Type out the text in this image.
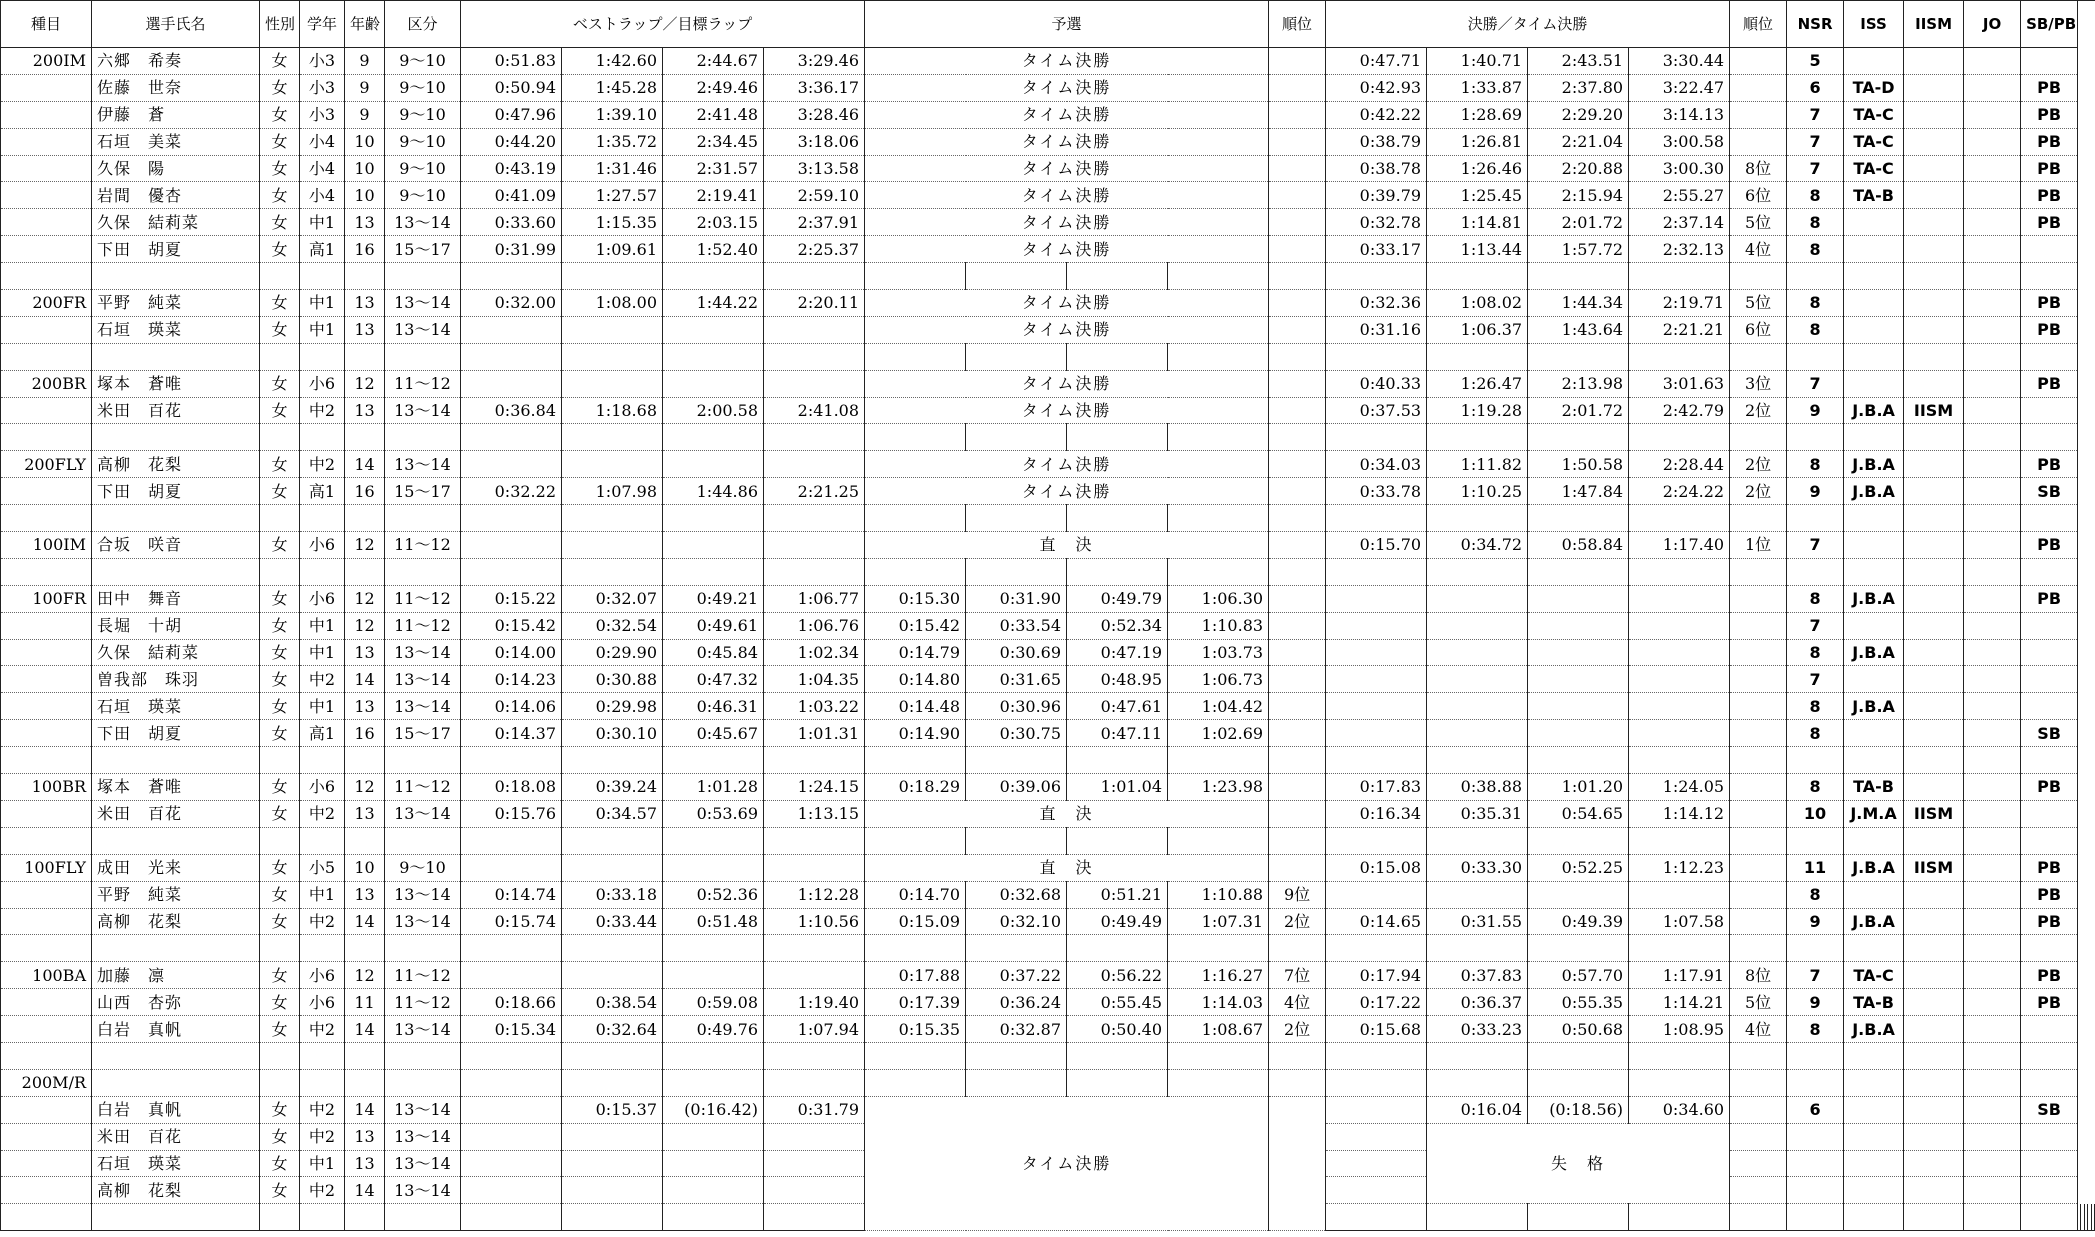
種目	選手氏名	性別	学年	年齢	区分	ベストラップ／目標ラップ				予選				順位	決勝／タイム決勝				順位	NSR	ISS	IISM	JO	SB/PB					
200IM	六郷　希奏	女	小3	9	9～10	0:51.83	1:42.60	2:44.67	3:29.46	タイム決勝					0:47.71	1:40.71	2:43.51	3:30.44		5									
	佐藤　世奈	女	小3	9	9～10	0:50.94	1:45.28	2:49.46	3:36.17	タイム決勝					0:42.93	1:33.87	2:37.80	3:22.47		6	TA-D			PB					
	伊藤　蒼	女	小3	9	9～10	0:47.96	1:39.10	2:41.48	3:28.46	タイム決勝					0:42.22	1:28.69	2:29.20	3:14.13		7	TA-C			PB					
	石垣　美菜	女	小4	10	9～10	0:44.20	1:35.72	2:34.45	3:18.06	タイム決勝					0:38.79	1:26.81	2:21.04	3:00.58		7	TA-C			PB					
	久保　陽	女	小4	10	9～10	0:43.19	1:31.46	2:31.57	3:13.58	タイム決勝					0:38.78	1:26.46	2:20.88	3:00.30	8位	7	TA-C			PB					
	岩間　優杏	女	小4	10	9～10	0:41.09	1:27.57	2:19.41	2:59.10	タイム決勝					0:39.79	1:25.45	2:15.94	2:55.27	6位	8	TA-B			PB					
	久保　結莉菜	女	中1	13	13～14	0:33.60	1:15.35	2:03.15	2:37.91	タイム決勝					0:32.78	1:14.81	2:01.72	2:37.14	5位	8				PB					
	下田　胡夏	女	高1	16	15～17	0:31.99	1:09.61	1:52.40	2:25.37	タイム決勝					0:33.17	1:13.44	1:57.72	2:32.13	4位	8									

200FR	平野　純菜	女	中1	13	13～14	0:32.00	1:08.00	1:44.22	2:20.11	タイム決勝					0:32.36	1:08.02	1:44.34	2:19.71	5位	8				PB					
	石垣　瑛菜	女	中1	13	13～14					タイム決勝					0:31.16	1:06.37	1:43.64	2:21.21	6位	8				PB					

200BR	塚本　蒼唯	女	小6	12	11～12					タイム決勝					0:40.33	1:26.47	2:13.98	3:01.63	3位	7				PB					
	米田　百花	女	中2	13	13～14	0:36.84	1:18.68	2:00.58	2:41.08	タイム決勝					0:37.53	1:19.28	2:01.72	2:42.79	2位	9	J.B.A	IISM							

200FLY	高柳　花梨	女	中2	14	13～14					タイム決勝					0:34.03	1:11.82	1:50.58	2:28.44	2位	8	J.B.A			PB					
	下田　胡夏	女	高1	16	15～17	0:32.22	1:07.98	1:44.86	2:21.25	タイム決勝					0:33.78	1:10.25	1:47.84	2:24.22	2位	9	J.B.A			SB					

100IM	合坂　咲音	女	小6	12	11～12					直　決					0:15.70	0:34.72	0:58.84	1:17.40	1位	7				PB					

100FR	田中　舞音	女	小6	12	11～12	0:15.22	0:32.07	0:49.21	1:06.77	0:15.30	0:31.90	0:49.79	1:06.30							8	J.B.A			PB					
	長堀　十胡	女	中1	12	11～12	0:15.42	0:32.54	0:49.61	1:06.76	0:15.42	0:33.54	0:52.34	1:10.83							7									
	久保　結莉菜	女	中1	13	13～14	0:14.00	0:29.90	0:45.84	1:02.34	0:14.79	0:30.69	0:47.19	1:03.73							8	J.B.A								
	曽我部　珠羽	女	中2	14	13～14	0:14.23	0:30.88	0:47.32	1:04.35	0:14.80	0:31.65	0:48.95	1:06.73							7									
	石垣　瑛菜	女	中1	13	13～14	0:14.06	0:29.98	0:46.31	1:03.22	0:14.48	0:30.96	0:47.61	1:04.42							8	J.B.A								
	下田　胡夏	女	高1	16	15～17	0:14.37	0:30.10	0:45.67	1:01.31	0:14.90	0:30.75	0:47.11	1:02.69							8				SB					

100BR	塚本　蒼唯	女	小6	12	11～12	0:18.08	0:39.24	1:01.28	1:24.15	0:18.29	0:39.06	1:01.04	1:23.98		0:17.83	0:38.88	1:01.20	1:24.05		8	TA-B			PB					
	米田　百花	女	中2	13	13～14	0:15.76	0:34.57	0:53.69	1:13.15	直　決					0:16.34	0:35.31	0:54.65	1:14.12		10	J.M.A	IISM							

100FLY	成田　光来	女	小5	10	9～10					直　決					0:15.08	0:33.30	0:52.25	1:12.23		11	J.B.A	IISM		PB					
	平野　純菜	女	中1	13	13～14	0:14.74	0:33.18	0:52.36	1:12.28	0:14.70	0:32.68	0:51.21	1:10.88	9位						8				PB					
	高柳　花梨	女	中2	14	13～14	0:15.74	0:33.44	0:51.48	1:10.56	0:15.09	0:32.10	0:49.49	1:07.31	2位	0:14.65	0:31.55	0:49.39	1:07.58		9	J.B.A			PB					

100BA	加藤　凛	女	小6	12	11～12					0:17.88	0:37.22	0:56.22	1:16.27	7位	0:17.94	0:37.83	0:57.70	1:17.91	8位	7	TA-C			PB					
	山西　杏弥	女	小6	11	11～12	0:18.66	0:38.54	0:59.08	1:19.40	0:17.39	0:36.24	0:55.45	1:14.03	4位	0:17.22	0:36.37	0:55.35	1:14.21	5位	9	TA-B			PB					
	白岩　真帆	女	中2	14	13～14	0:15.34	0:32.64	0:49.76	1:07.94	0:15.35	0:32.87	0:50.40	1:08.67	2位	0:15.68	0:33.23	0:50.68	1:08.95	4位	8	J.B.A								

200M/R																													
	白岩　真帆	女	中2	14	13～14		0:15.37	(0:16.42)	0:31.79	タイム決勝						0:16.04	(0:18.56)	0:34.60		6				SB					
	米田　百花	女	中2	13	13～14											失　格													
	石垣　瑛菜	女	中1	13	13～14																								
	高柳　花梨	女	中2	14	13～14																								
